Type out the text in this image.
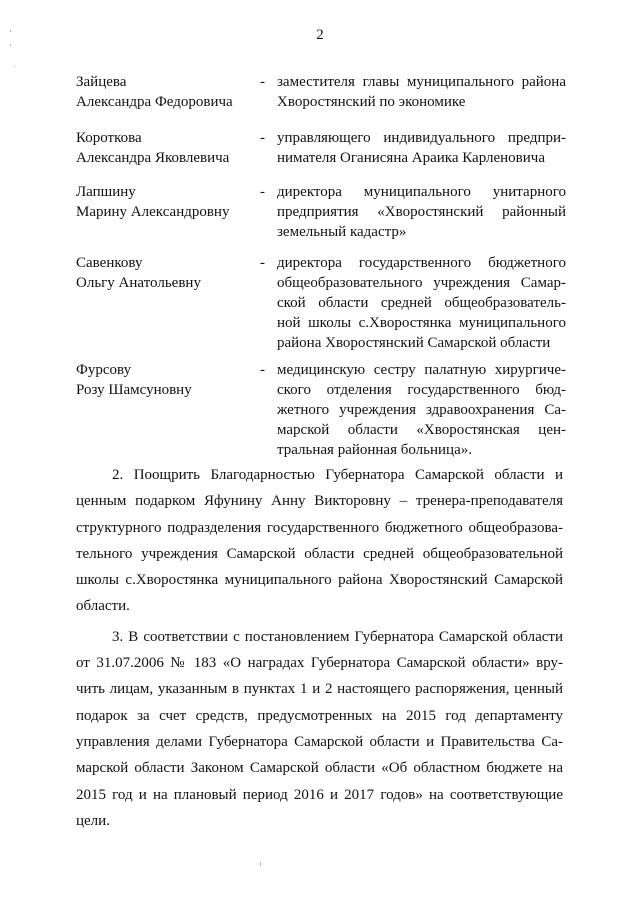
2
Зайцева
Александра Федоровича
- заместителя главы муниципального района
Хворостянский по экономике
Короткова
Александра Яковлевича
- управляющего индивидуального предпри-
нимателя Оганисяна Араика Карленовича
Лапшину
Марину Александровну
- директора муниципального унитарного
предприятия «Хворостянский районный
земельный кадастр»
Савенкову
Ольгу Анатольевну
- директора государственного бюджетного
общеобразовательного учреждения Самар-
ской области средней общеобразователь-
ной школы с.Хворостянка муниципального
района Хворостянский Самарской области
Фурсову
Розу Шамсуновну
- медицинскую сестру палатную хирургиче-
ского отделения государственного бюд-
жетного учреждения здравоохранения Са-
марской области «Хворостянская цен-
тральная районная больница».
2. Поощрить Благодарностью Губернатора Самарской области и
ценным подарком Яфунину Анну Викторовну – тренера-преподавателя
структурного подразделения государственного бюджетного общеобразова-
тельного учреждения Самарской области средней общеобразовательной
школы с.Хворостянка муниципального района Хворостянский Самарской
области.
3. В соответствии с постановлением Губернатора Самарской области
от 31.07.2006 № 183 «О наградах Губернатора Самарской области» вру-
чить лицам, указанным в пунктах 1 и 2 настоящего распоряжения, ценный
подарок за счет средств, предусмотренных на 2015 год департаменту
управления делами Губернатора Самарской области и Правительства Са-
марской области Законом Самарской области «Об областном бюджете на
2015 год и на плановый период 2016 и 2017 годов» на соответствующие
цели.
